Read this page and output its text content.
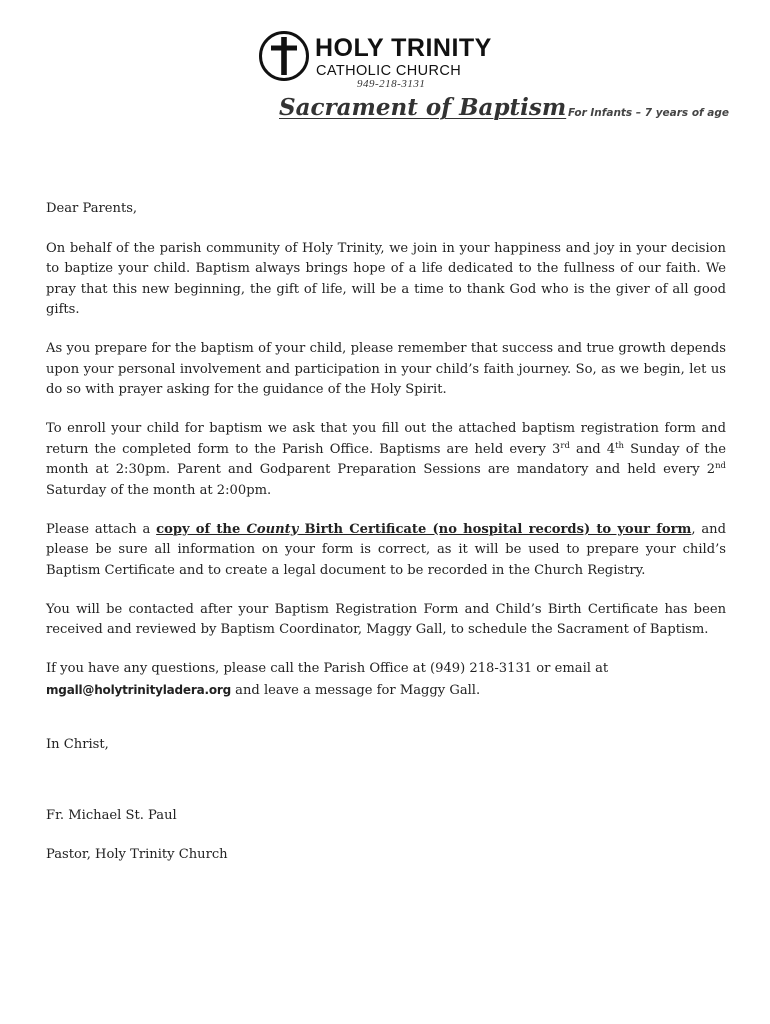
HOLY TRINITY
CATHOLIC CHURCH
949-218-3131
Sacrament of Baptism For Infants – 7 years of age

Dear Parents,

On behalf of the parish community of Holy Trinity, we join in your happiness and joy in your decision to baptize your child. Baptism always brings hope of a life dedicated to the fullness of our faith. We pray that this new beginning, the gift of life, will be a time to thank God who is the giver of all good gifts.

As you prepare for the baptism of your child, please remember that success and true growth depends upon your personal involvement and participation in your child’s faith journey. So, as we begin, let us do so with prayer asking for the guidance of the Holy Spirit.

To enroll your child for baptism we ask that you fill out the attached baptism registration form and return the completed form to the Parish Office. Baptisms are held every 3rd and 4th Sunday of the month at 2:30pm. Parent and Godparent Preparation Sessions are mandatory and held every 2nd Saturday of the month at 2:00pm.

Please attach a copy of the County Birth Certificate (no hospital records) to your form, and please be sure all information on your form is correct, as it will be used to prepare your child’s Baptism Certificate and to create a legal document to be recorded in the Church Registry.

You will be contacted after your Baptism Registration Form and Child’s Birth Certificate has been received and reviewed by Baptism Coordinator, Maggy Gall, to schedule the Sacrament of Baptism.

If you have any questions, please call the Parish Office at (949) 218-3131 or email at
mgall@holytrinityladera.org and leave a message for Maggy Gall.

In Christ,

Fr. Michael St. Paul

Pastor, Holy Trinity Church
